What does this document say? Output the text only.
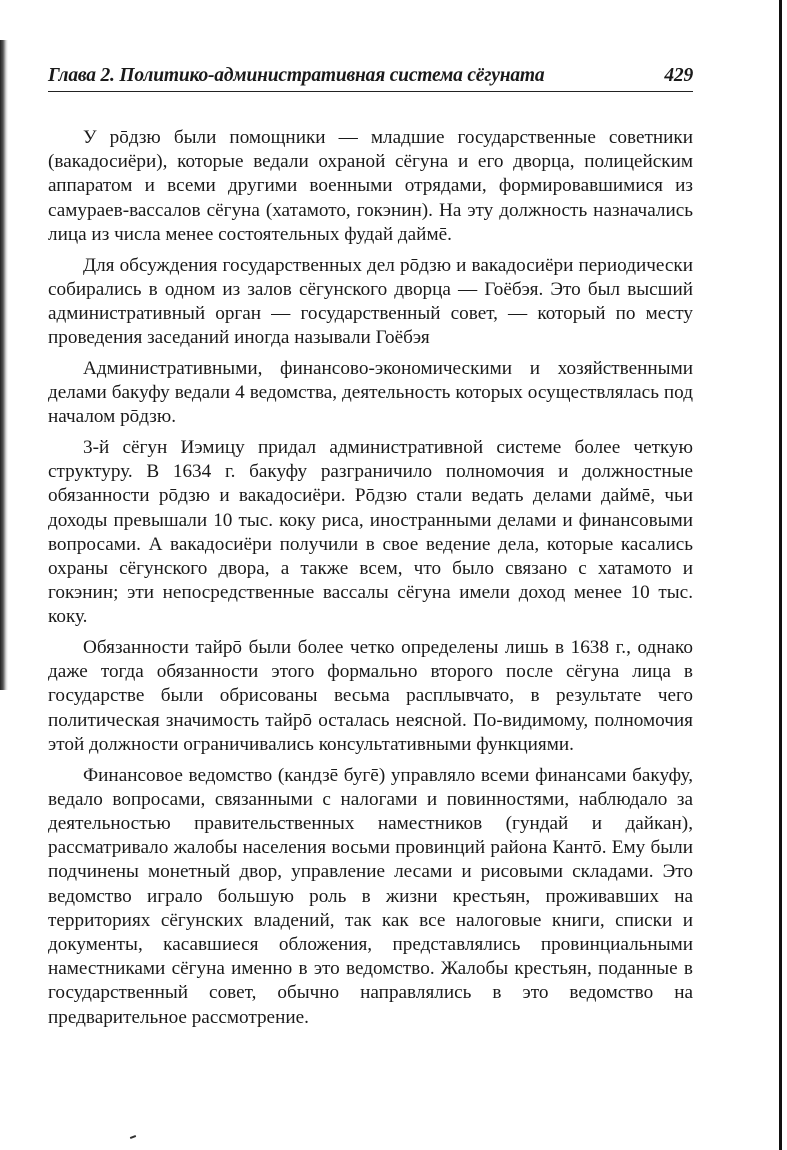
Глава 2. Политико-административная система сёгуната	429

У рōдзю были помощники — младшие государственные советники (вакадосиёри), которые ведали охраной сёгуна и его дворца, полицейским аппаратом и всеми другими военными отрядами, формировавшимися из самураев-вассалов сёгуна (хатамото, гокэнин). На эту должность назначались лица из числа менее состоятельных фудай даймē.

Для обсуждения государственных дел рōдзю и вакадосиёри периодически собирались в одном из залов сёгунского дворца — Гоёбэя. Это был высший административный орган — государственный совет, — который по месту проведения заседаний иногда называли Гоёбэя

Административными, финансово-экономическими и хозяйственными делами бакуфу ведали 4 ведомства, деятельность которых осуществлялась под началом рōдзю.

3-й сёгун Иэмицу придал административной системе более четкую структуру. В 1634 г. бакуфу разграничило полномочия и должностные обязанности рōдзю и вакадосиёри. Рōдзю стали ведать делами даймē, чьи доходы превышали 10 тыс. коку риса, иностранными делами и финансовыми вопросами. А вакадосиёри получили в свое ведение дела, которые касались охраны сёгунского двора, а также всем, что было связано с хатамото и гокэнин; эти непосредственные вассалы сёгуна имели доход менее 10 тыс. коку.

Обязанности тайрō были более четко определены лишь в 1638 г., однако даже тогда обязанности этого формально второго после сёгуна лица в государстве были обрисованы весьма расплывчато, в результате чего политическая значимость тайрō осталась неясной. По-видимому, полномочия этой должности ограничивались консультативными функциями.

Финансовое ведомство (кандзē бугē) управляло всеми финансами бакуфу, ведало вопросами, связанными с налогами и повинностями, наблюдало за деятельностью правительственных наместников (гундай и дайкан), рассматривало жалобы населения восьми провинций района Кантō. Ему были подчинены монетный двор, управление лесами и рисовыми складами. Это ведомство играло большую роль в жизни крестьян, проживавших на территориях сёгунских владений, так как все налоговые книги, списки и документы, касавшиеся обложения, представлялись провинциальными наместниками сёгуна именно в это ведомство. Жалобы крестьян, поданные в государственный совет, обычно направлялись в это ведомство на предварительное рассмотрение.
